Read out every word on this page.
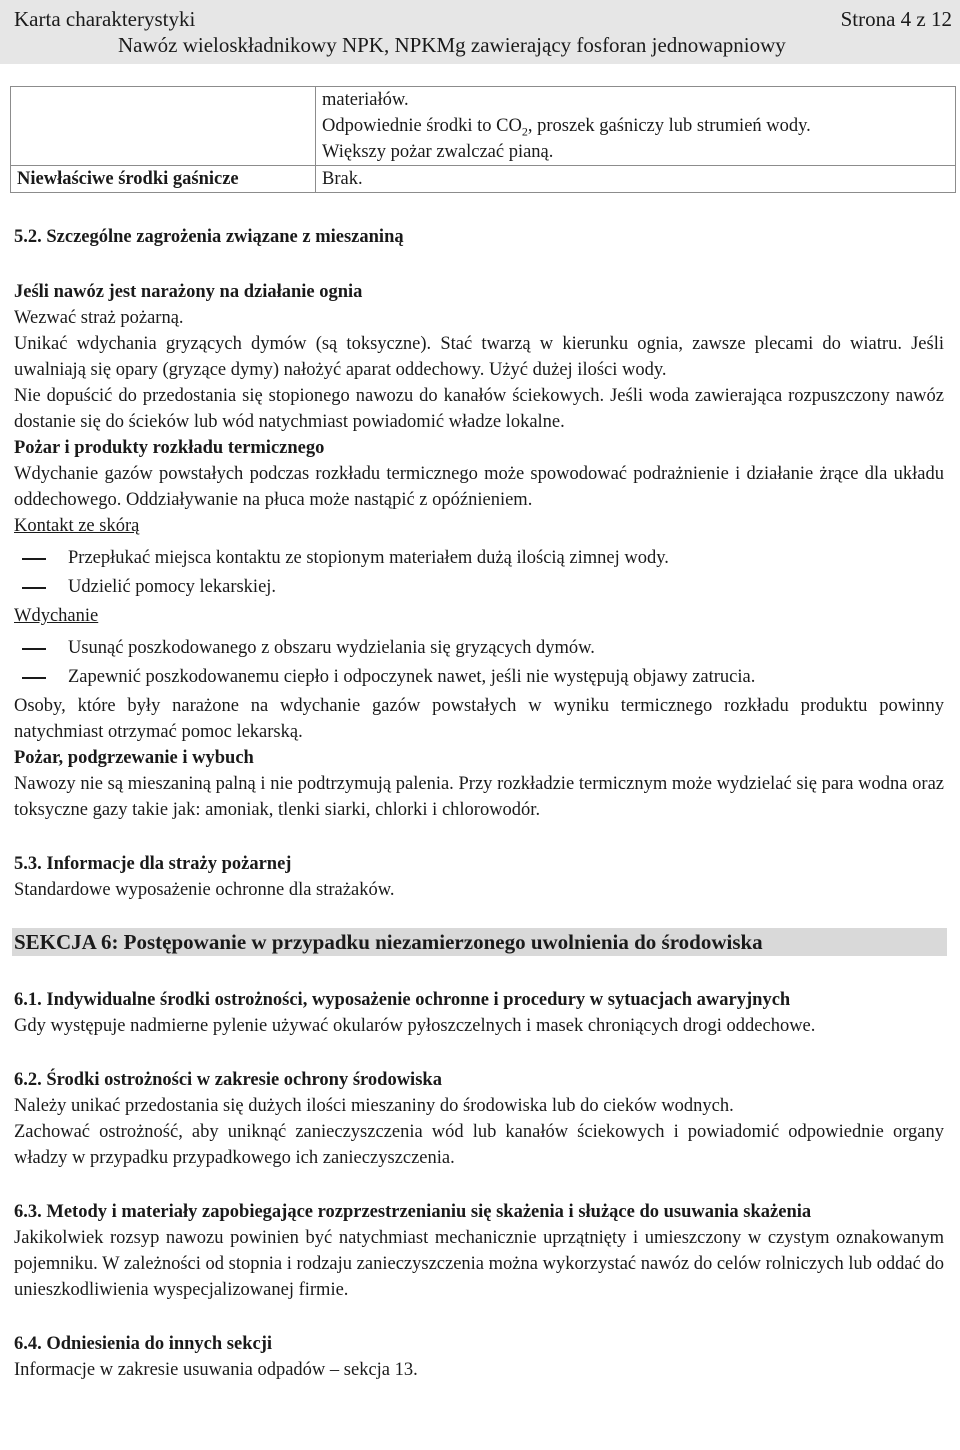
Karta charakterystyki	Strona 4 z 12
Nawóz wieloskładnikowy NPK, NPKMg zawierający fosforan jednowapniowy

	materiałów.
Odpowiednie środki to $CO_2$, proszek gaśniczy lub strumień wody.
Większy pożar zwalczać pianą.

Niewłaściwe środki gaśnicze	Brak.

5.2. Szczególne zagrożenia związane z mieszaniną

Jeśli nawóz jest narażony na działanie ognia

Wezwać straż pożarną.

Unikać wdychania gryzących dymów (są toksyczne). Stać twarzą w kierunku ognia, zawsze plecami do wiatru. Jeśli uwalniają się opary (gryzące dymy) nałożyć aparat oddechowy. Użyć dużej ilości wody.

Nie dopuścić do przedostania się stopionego nawozu do kanałów ściekowych. Jeśli woda zawierająca rozpuszczony nawóz dostanie się do ścieków lub wód natychmiast powiadomić władze lokalne.

Pożar i produkty rozkładu termicznego

Wdychanie gazów powstałych podczas rozkładu termicznego może spowodować podrażnienie i działanie żrące dla układu oddechowego. Oddziaływanie na płuca może nastąpić z opóźnieniem.

Kontakt ze skórą

Przepłukać miejsca kontaktu ze stopionym materiałem dużą ilością zimnej wody.
Udzielić pomocy lekarskiej.

Wdychanie

Usunąć poszkodowanego z obszaru wydzielania się gryzących dymów.
Zapewnić poszkodowanemu ciepło i odpoczynek nawet, jeśli nie występują objawy zatrucia.

Osoby, które były narażone na wdychanie gazów powstałych w wyniku termicznego rozkładu produktu powinny natychmiast otrzymać pomoc lekarską.

Pożar, podgrzewanie i wybuch

Nawozy nie są mieszaniną palną i nie podtrzymują palenia. Przy rozkładzie termicznym może wydzielać się para wodna oraz toksyczne gazy takie jak: amoniak, tlenki siarki, chlorki i chlorowodór.

5.3. Informacje dla straży pożarnej

Standardowe wyposażenie ochronne dla strażaków.

SEKCJA 6: Postępowanie w przypadku niezamierzonego uwolnienia do środowiska

6.1. Indywidualne środki ostrożności, wyposażenie ochronne i procedury w sytuacjach awaryjnych

Gdy występuje nadmierne pylenie używać okularów pyłoszczelnych i masek chroniących drogi oddechowe.

6.2. Środki ostrożności w zakresie ochrony środowiska

Należy unikać przedostania się dużych ilości mieszaniny do środowiska lub do cieków wodnych.

Zachować ostrożność, aby uniknąć zanieczyszczenia wód lub kanałów ściekowych i powiadomić odpowiednie organy władzy w przypadku przypadkowego ich zanieczyszczenia.

6.3. Metody i materiały zapobiegające rozprzestrzenianiu się skażenia i służące do usuwania skażenia

Jakikolwiek rozsyp nawozu powinien być natychmiast mechanicznie uprzątnięty i umieszczony w czystym oznakowanym pojemniku. W zależności od stopnia i rodzaju zanieczyszczenia można wykorzystać nawóz do celów rolniczych lub oddać do unieszkodliwienia wyspecjalizowanej firmie.

6.4. Odniesienia do innych sekcji

Informacje w zakresie usuwania odpadów – sekcja 13.
